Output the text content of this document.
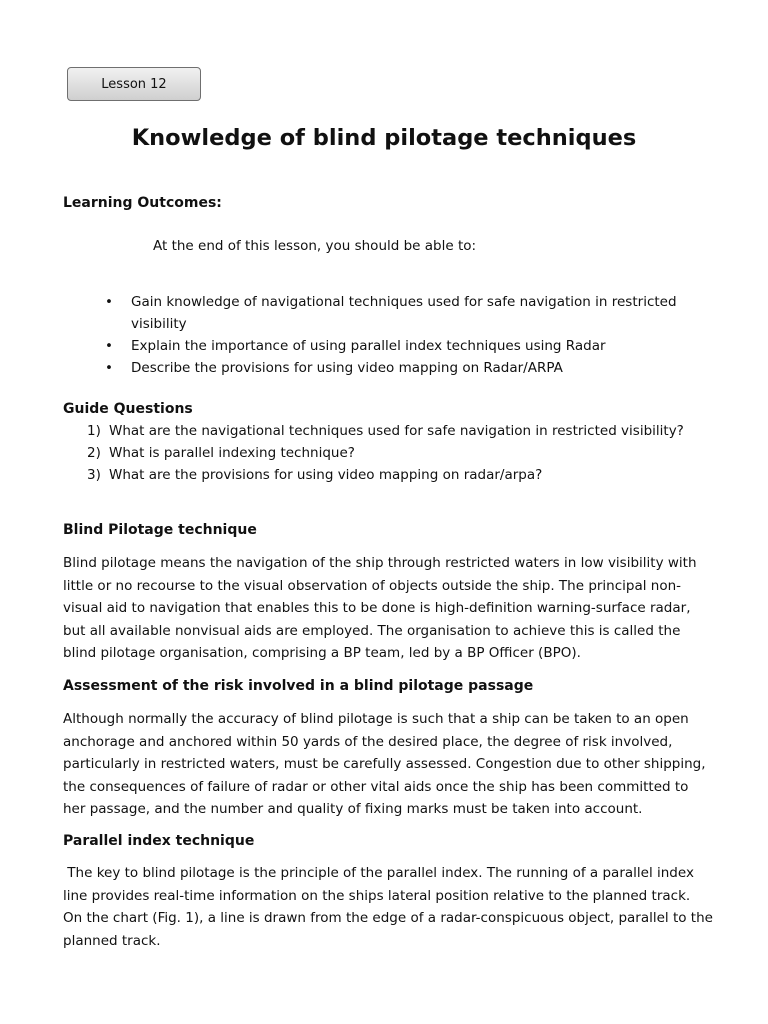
Lesson 12
Knowledge of blind pilotage techniques
Learning Outcomes:
At the end of this lesson, you should be able to:
• Gain knowledge of navigational techniques used for safe navigation in restricted visibility
• Explain the importance of using parallel index techniques using Radar
• Describe the provisions for using video mapping on Radar/ARPA
Guide Questions
1) What are the navigational techniques used for safe navigation in restricted visibility?
2) What is parallel indexing technique?
3) What are the provisions for using video mapping on radar/arpa?
Blind Pilotage technique

Blind pilotage means the navigation of the ship through restricted waters in low visibility with little or no recourse to the visual observation of objects outside the ship. The principal non-visual aid to navigation that enables this to be done is high-definition warning-surface radar, but all available nonvisual aids are employed. The organisation to achieve this is called the blind pilotage organisation, comprising a BP team, led by a BP Officer (BPO).

Assessment of the risk involved in a blind pilotage passage

Although normally the accuracy of blind pilotage is such that a ship can be taken to an open anchorage and anchored within 50 yards of the desired place, the degree of risk involved, particularly in restricted waters, must be carefully assessed. Congestion due to other shipping, the consequences of failure of radar or other vital aids once the ship has been committed to her passage, and the number and quality of fixing marks must be taken into account.

Parallel index technique

The key to blind pilotage is the principle of the parallel index. The running of a parallel index line provides real-time information on the ships lateral position relative to the planned track. On the chart (Fig. 1), a line is drawn from the edge of a radar-conspicuous object, parallel to the planned track.
